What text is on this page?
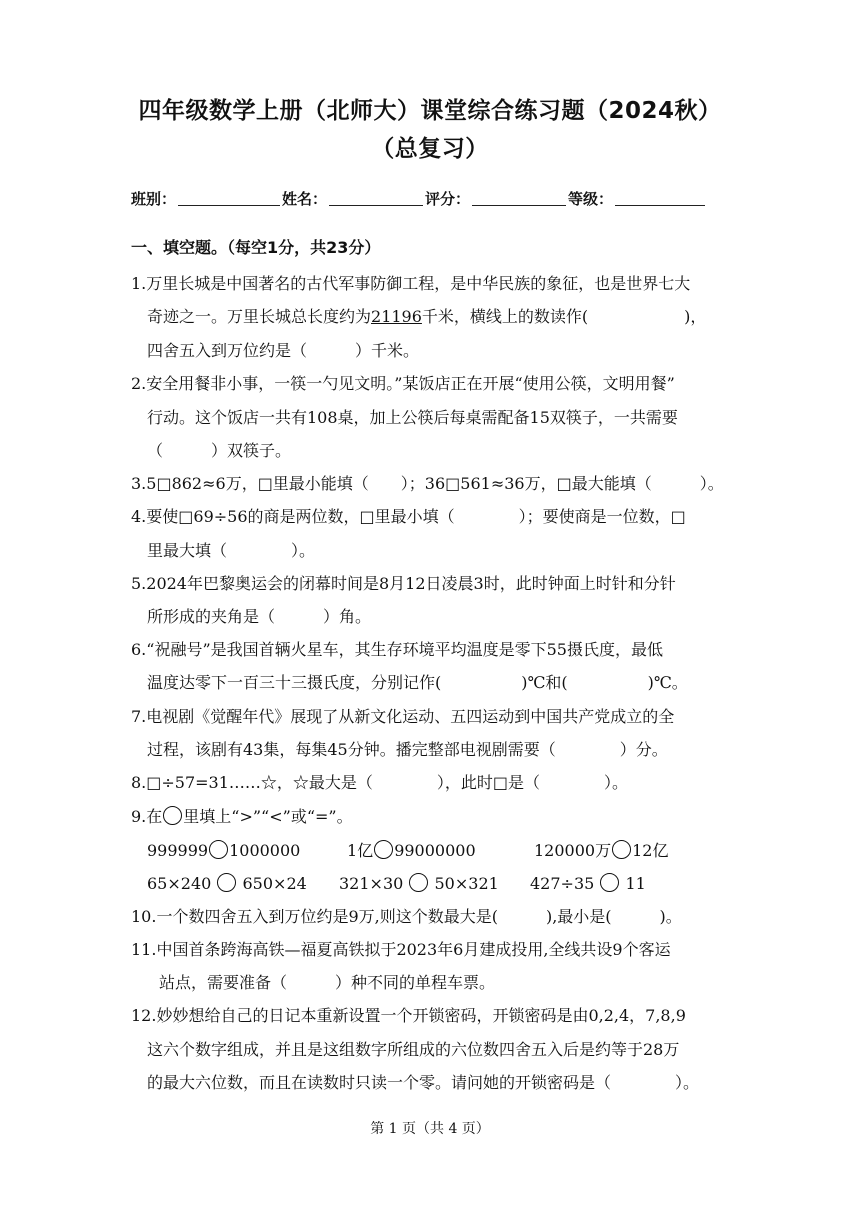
四年级数学上册（北师大）课堂综合练习题（2024秋）
（总复习）
班别：	姓名：	评分：	等级：
一、填空题。（每空1分，共23分）
1.万里长城是中国著名的古代军事防御工程，是中华民族的象征，也是世界七大
奇迹之一。万里长城总长度约为21196千米，横线上的数读作(　　　　　　)，
四舍五入到万位约是（　　　）千米。
2.安全用餐非小事，一筷一勺见文明。”某饭店正在开展“使用公筷，文明用餐”
行动。这个饭店一共有108桌，加上公筷后每桌需配备15双筷子，一共需要
（　　　）双筷子。
3.5□862≈6万，□里最小能填（　　）；36□561≈36万，□最大能填（　　　）。
4.要使□69÷56的商是两位数，□里最小填（　　　　）；要使商是一位数，□
里最大填（　　　　）。
5.2024年巴黎奥运会的闭幕时间是8月12日凌晨3时，此时钟面上时针和分针
所形成的夹角是（　　　）角。
6.“祝融号”是我国首辆火星车，其生存环境平均温度是零下55摄氏度，最低
温度达零下一百三十三摄氏度，分别记作(　　　　　)℃和(　　　　　)℃。
7.电视剧《觉醒年代》展现了从新文化运动、五四运动到中国共产党成立的全
过程，该剧有43集，每集45分钟。播完整部电视剧需要（　　　　）分。
8.□÷57=31……☆，☆最大是（　　　　），此时□是（　　　　）。
9.在 里填上“>”“<”或“=”。
999999 1000000	1亿 99000000	120000万 12亿
65×240 650×24 321×30 50×321 427÷35 11
10.一个数四舍五入到万位约是9万,则这个数最大是(　　　),最小是(　　　)。
11.中国首条跨海高铁—福夏高铁拟于2023年6月建成投用,全线共设9个客运
站点，需要准备（　　　）种不同的单程车票。
12.妙妙想给自己的日记本重新设置一个开锁密码，开锁密码是由0,2,4，7,8,9
这六个数字组成，并且是这组数字所组成的六位数四舍五入后是约等于28万
的最大六位数，而且在读数时只读一个零。请问她的开锁密码是（　　　　）。
第 1 页（共 4 页）
